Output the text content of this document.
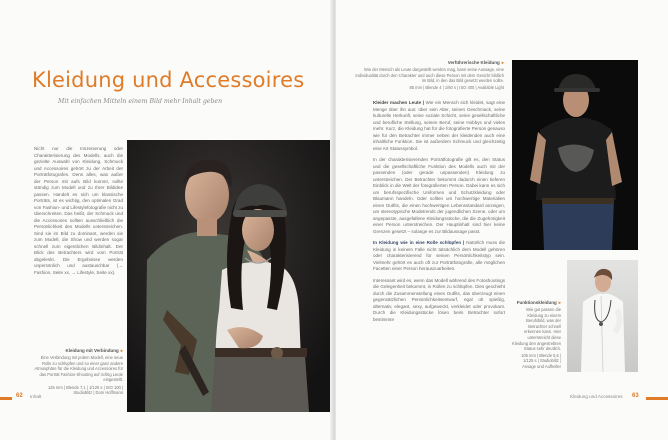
Kleidung und Accessoires
Mit einfachen Mitteln einem Bild mehr Inhalt geben
Nicht nur die Inszenierung oder Charakterisierung des Modells, auch die gezielte Auswahl von Kleidung, Schmuck und Accessoires gehört zu der Arbeit der Porträtfotografen. Denn alles, was außer der Person mit aufs Bild kommt, sollte ständig zum Modell und zu Ihrer Bildidee passen. Handelt es sich um klassische Porträts, ist es wichtig, den optimalen Grad von Fashion- und Lifestylefotografie nicht zu überschreiten. Das heißt, der Schmuck und die Accessoires sollten ausschließlich die Persönlichkeit des Modells unterstreichen. Sind sie im Bild zu dominant, werden sie zum Modell, die Show und werden sogar schnell zum eigentlichen Bildinhalt. Der Blick des Betrachters wird vom Porträt abgelenkt. Die Ergebnisse werden unpersönlich und austauschbar (→ Fashion, Seite xx, → Lifestyle, Seite xx).
Kleidung mit Verbindung ▸
Eine Verbindung mit jedem Modell, eine neue Rolle zu schlüpfen und so einer ganz andere Atmosphäre für die Kleidung und Accessoires für das Porträt Fashion-Shooting auf richtig Leute eingestellt.
125 mm | Blende 7,1 | 1/125 s | ISO 100 | Studioblitz | Dom Hoffmann
62 Inhalt
Verführerische Kleidung ▸
Wie der Mensch als Leute dargestellt werden mag, kann seine Aussage, eine Individualität durch den Charakter und auch diese Person mit dem Gesicht bildlich im Bild, in den das Bild gesetzt werden sollte.
85 mm | Blende 4 | 1/60 s | ISO 400 | Available Light

Kleider machen Leute | Wie ein Mensch sich kleidet, sagt eine Menge über ihn aus: über sein Alter, seinen Geschmack, seine kulturelle Herkunft, seine soziale Schicht, seine gesellschaftliche und berufliche Stellung, seinen Beruf, seine Hobbys und vieles mehr. Kurz, die Kleidung hat für die fotografierte Person genauso wie für den Betrachter immer neben der kleidenden auch eine inhaltliche Funktion. Sie ist außerdem Schmuck und gleichzeitig eine Art Statussymbol.

In der charakterisierenden Porträtfotografie gilt es, den Status und die gesellschaftliche Funktion des Modells auch mit der passenden (oder gerade unpassenden) Kleidung zu unterstreichen. Der Betrachter bekommt dadurch einen tieferen Einblick in die Welt der fotografierten Person. Dabei kann es sich um berufsspezifische Uniformen und Schutzkleidung oder Blaumann handeln. Oder sollten um hochwertige Materialien einen Outfits, die einen hochwertigen Lebensstandard anzeigen, um stereotypische Modetrends der jugendlichen Szene, oder um angepasste, ausgefallene Kleidungsstücke, die die Zugehörigkeit einer Person unterstreichen. Der Hauptinhalt sind hier keine Grenzen gesetzt – solange es zur Bildaussage passt.

In Kleidung wie in eine Rolle schlüpfen | Natürlich muss die Kleidung in keinem Falle nicht tatsächlich dem Modell gehören oder charakterisierend für seinen Persönlichkeitstyp sein. Vielmehr gehört es auch oft zur Porträtfotografie, alle möglichen Facetten einer Person herauszuarbeiten.

Interessant wird es, wenn das Modell während des Fotoshootings die Gelegenheit bekommt, in Rollen zu schlüpfen. Dies geschieht durch die Zusammenstellung eines Outfits, das überzeugt einen gegensätzlichen Persönlichkeitsentwurf, egal ob spießig, alternativ, elegant, sexy, aufgeweckt, verkleidet oder provokant. Durch die Kleidungsstücke lösen beim Betrachter sofort bestimmte

Funktionskleidung ▸
Wie gut passen die Kleidung zu einem Berufsbild, was der Betrachter schnell erkennen kann. Hier unterstreicht diese Kleidung den angestrebten Status sehr deutlich.
105 mm | Blende 5,6 | 1/125 s | Studioblitz | Ansage und Aufheller
Kleidung und Accessoires 63
